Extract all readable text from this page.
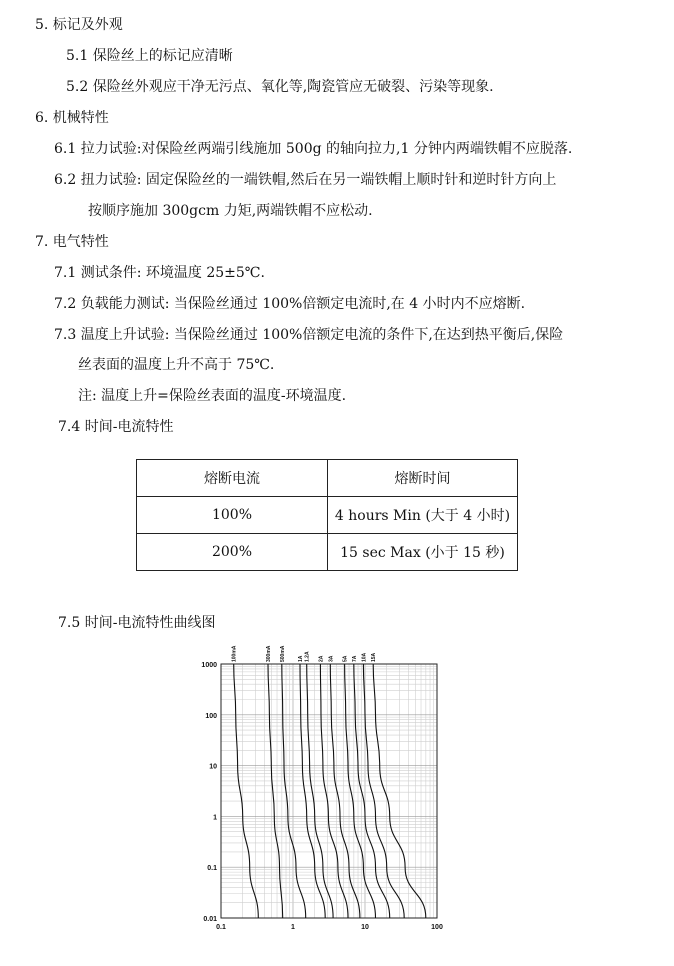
5. 标记及外观
5.1 保险丝上的标记应清晰
5.2 保险丝外观应干净无污点、氧化等,陶瓷管应无破裂、污染等现象.
6. 机械特性
6.1 拉力试验:对保险丝两端引线施加 500g 的轴向拉力,1 分钟内两端铁帽不应脱落.
6.2 扭力试验: 固定保险丝的一端铁帽,然后在另一端铁帽上顺时针和逆时针方向上
按顺序施加 300gcm 力矩,两端铁帽不应松动.
7. 电气特性
7.1 测试条件: 环境温度 25±5℃.
7.2 负载能力测试: 当保险丝通过 100%倍额定电流时,在 4 小时内不应熔断.
7.3 温度上升试验: 当保险丝通过 100%倍额定电流的条件下,在达到热平衡后,保险
丝表面的温度上升不高于 75℃.
注: 温度上升=保险丝表面的温度-环境温度.
7.4 时间-电流特性
熔断电流	熔断时间
100%	4 hours Min (大于 4 小时)
200%	15 sec Max (小于 15 秒)
7.5 时间-电流特性曲线图
1000
100
10
1
0.1
0.01
0.1	1	10	100
100mA	300mA 500mA 1A 1.2A 2A 3A 5A 7A 10A 15A
